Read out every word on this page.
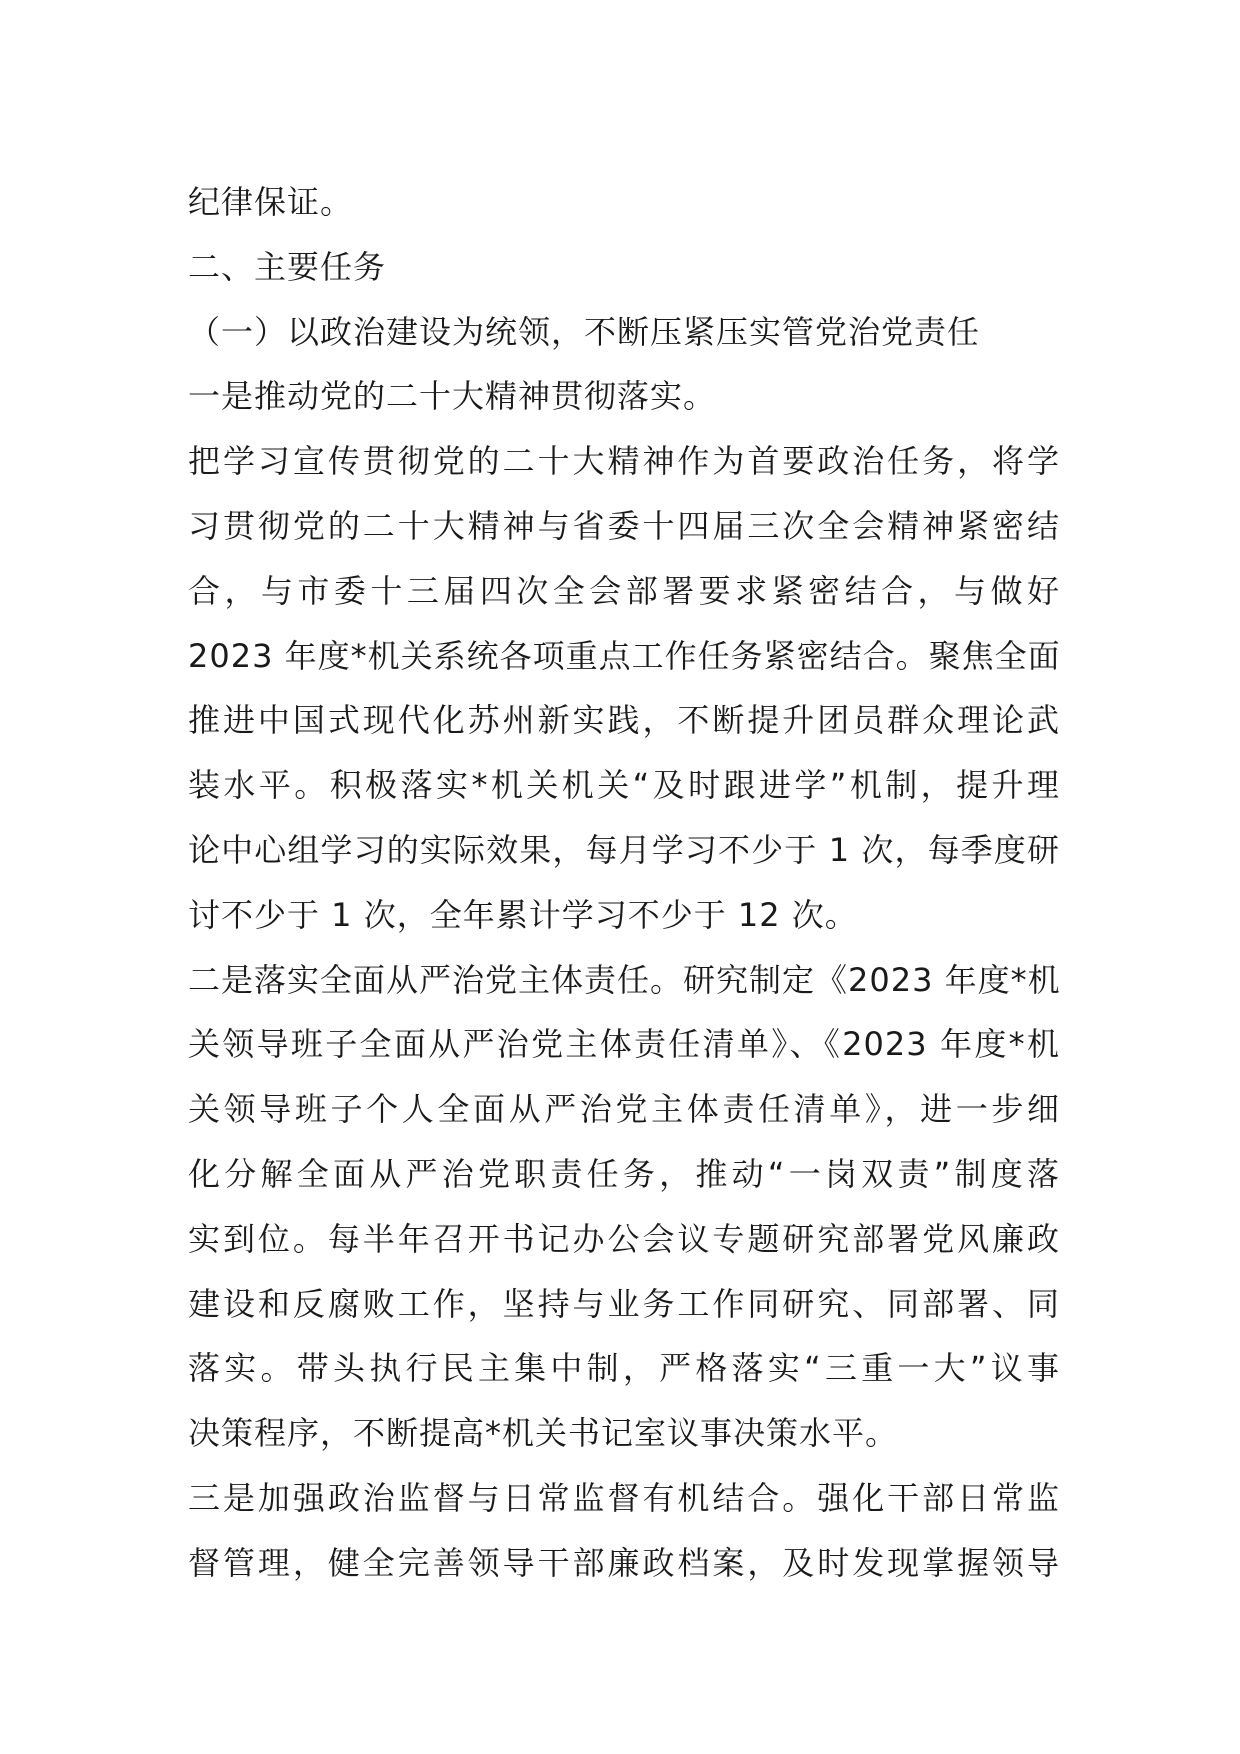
纪律保证。
二、主要任务
（一）以政治建设为统领，不断压紧压实管党治党责任
一是推动党的二十大精神贯彻落实。
把学习宣传贯彻党的二十大精神作为首要政治任务，将学
习贯彻党的二十大精神与省委十四届三次全会精神紧密结
合，与市委十三届四次全会部署要求紧密结合，与做好
2023 年度*机关系统各项重点工作任务紧密结合。聚焦全面
推进中国式现代化苏州新实践，不断提升团员群众理论武
装水平。积极落实*机关机关“及时跟进学”机制，提升理
论中心组学习的实际效果，每月学习不少于 1 次，每季度研
讨不少于 1 次，全年累计学习不少于 12 次。
二是落实全面从严治党主体责任。研究制定《2023 年度*机
关领导班子全面从严治党主体责任清单》、《2023 年度*机
关领导班子个人全面从严治党主体责任清单》，进一步细
化分解全面从严治党职责任务，推动“一岗双责”制度落
实到位。每半年召开书记办公会议专题研究部署党风廉政
建设和反腐败工作，坚持与业务工作同研究、同部署、同
落实。带头执行民主集中制，严格落实“三重一大”议事
决策程序，不断提高*机关书记室议事决策水平。
三是加强政治监督与日常监督有机结合。强化干部日常监
督管理，健全完善领导干部廉政档案，及时发现掌握领导
